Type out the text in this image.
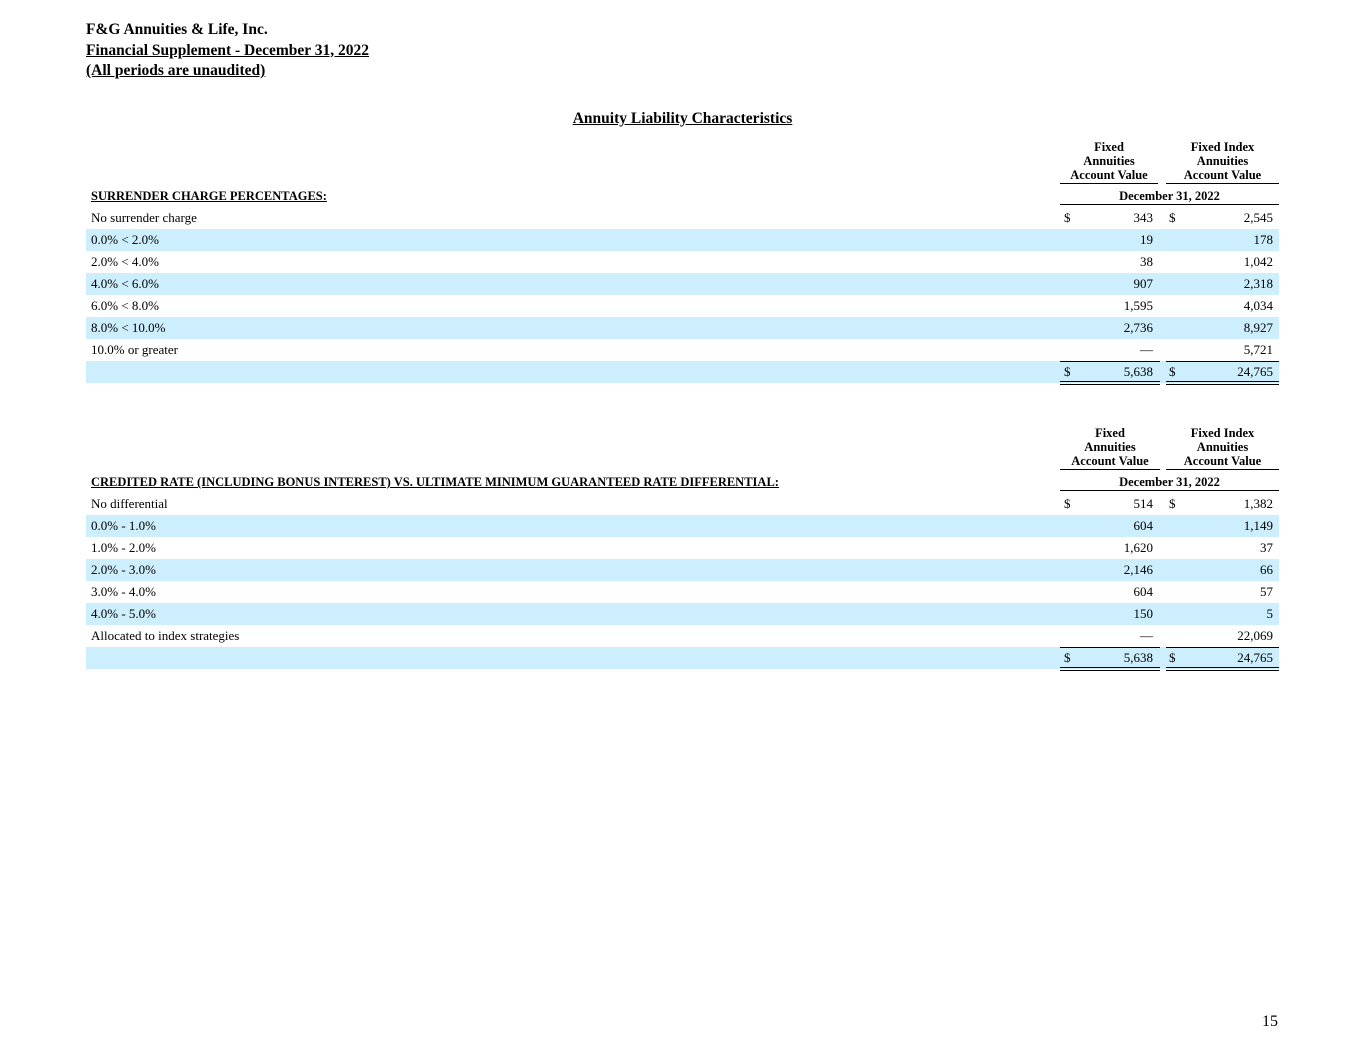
F&G Annuities & Life, Inc.
Financial Supplement - December 31, 2022
(All periods are unaudited)
Annuity Liability Characteristics
Fixed
Annuities
Account Value
Fixed Index
Annuities
Account Value
SURRENDER CHARGE PERCENTAGES:	December 31, 2022
No surrender charge	$	343 $	2,545
0.0% < 2.0%	19	178
2.0% < 4.0%	38	1,042
4.0% < 6.0%	907	2,318
6.0% < 8.0%	1,595	4,034
8.0% < 10.0%	2,736	8,927
10.0% or greater	—	5,721
$	5,638 $	24,765
Fixed
Annuities
Account Value
Fixed Index
Annuities
Account Value
CREDITED RATE (INCLUDING BONUS INTEREST) VS. ULTIMATE MINIMUM GUARANTEED RATE DIFFERENTIAL:	December 31, 2022
No differential	$	514 $	1,382
0.0% - 1.0%	604	1,149
1.0% - 2.0%	1,620	37
2.0% - 3.0%	2,146	66
3.0% - 4.0%	604	57
4.0% - 5.0%	150	5
Allocated to index strategies	—	22,069
$	5,638 $	24,765
15
